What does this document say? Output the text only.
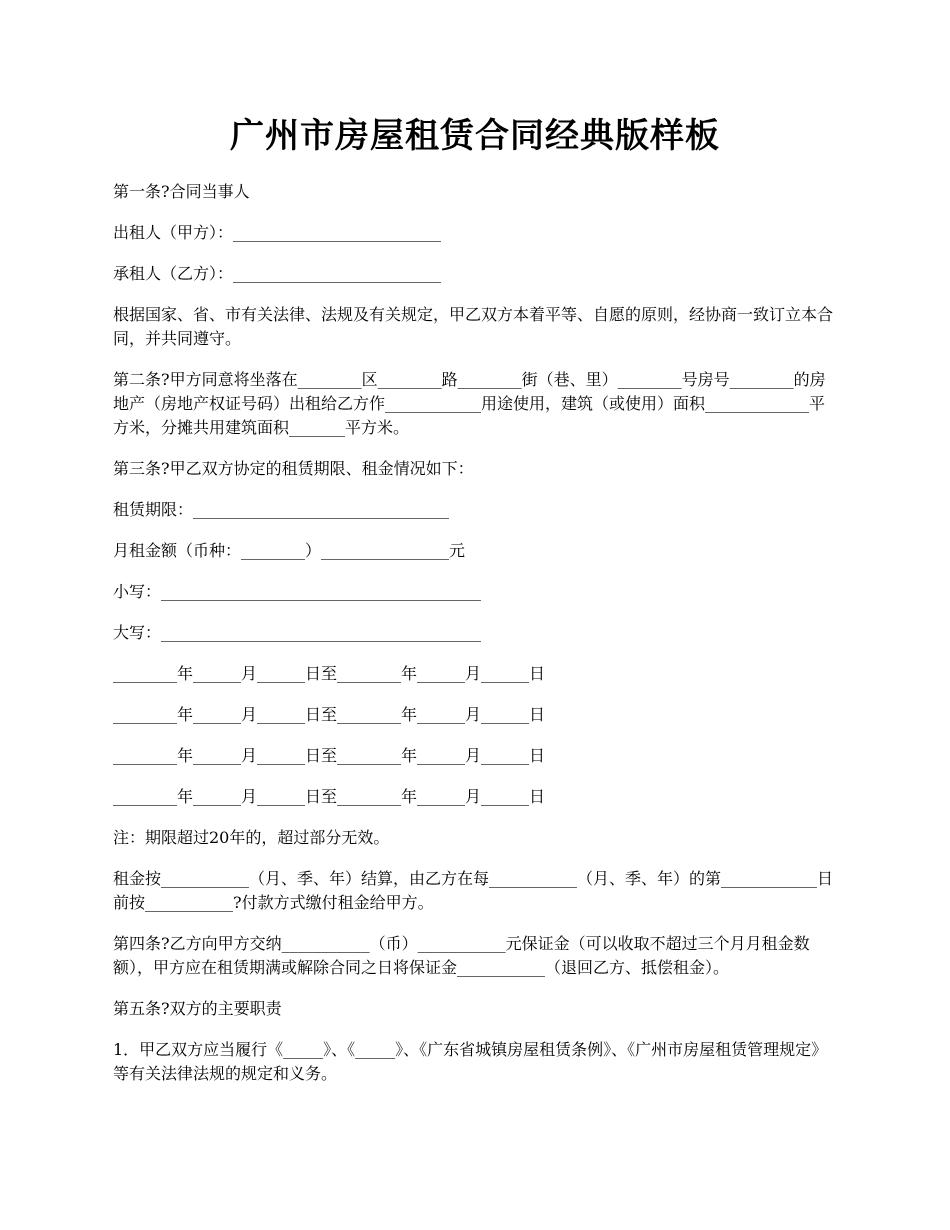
广州市房屋租赁合同经典版样板

第一条?合同当事人

出租人（甲方）：__________________________

承租人（乙方）：__________________________

根据国家、省、市有关法律、法规及有关规定，甲乙双方本着平等、自愿的原则，经协商一致订立本合同，并共同遵守。

第二条?甲方同意将坐落在________区________路________街（巷、里）________号房号________的房地产（房地产权证号码）出租给乙方作____________用途使用，建筑（或使用）面积_____________平方米，分摊共用建筑面积_______平方米。

第三条?甲乙双方协定的租赁期限、租金情况如下：

租赁期限：________________________________

月租金额（币种：________）________________元

小写：________________________________________

大写：________________________________________

________年______月______日至________年______月______日

________年______月______日至________年______月______日

________年______月______日至________年______月______日

________年______月______日至________年______月______日

注：期限超过20年的，超过部分无效。

租金按___________（月、季、年）结算，由乙方在每___________（月、季、年）的第____________日前按___________?付款方式缴付租金给甲方。

第四条?乙方向甲方交纳___________（币）___________元保证金（可以收取不超过三个月月租金数额），甲方应在租赁期满或解除合同之日将保证金___________（退回乙方、抵偿租金）。

第五条?双方的主要职责

1．甲乙双方应当履行《_____》、《_____》、《广东省城镇房屋租赁条例》、《广州市房屋租赁管理规定》等有关法律法规的规定和义务。
